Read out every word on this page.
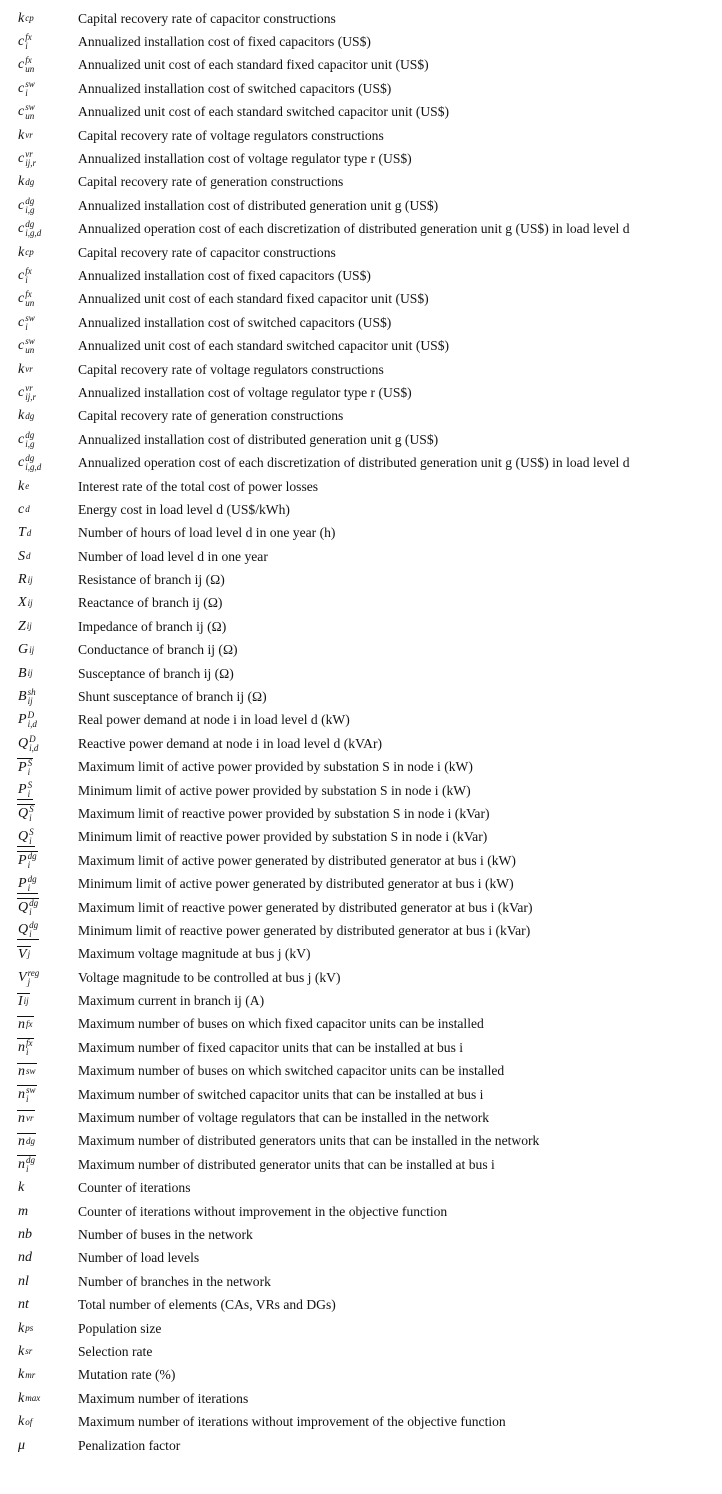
k cp	Capital recovery rate of capacitor constructions
c fx
i	Annualized installation cost of fixed capacitors (US$)
c fx
un	Annualized unit cost of each standard fixed capacitor unit (US$)
c sw
i	Annualized installation cost of switched capacitors (US$)
c sw
un	Annualized unit cost of each standard switched capacitor unit (US$)
k vr	Capital recovery rate of voltage regulators constructions
c vr
ij,r	Annualized installation cost of voltage regulator type r (US$)
k dg	Capital recovery rate of generation constructions
c dg
i,g	Annualized installation cost of distributed generation unit g (US$)
c dg
i,g,d	Annualized operation cost of each discretization of distributed generation unit g (US$) in load level d
k cp	Capital recovery rate of capacitor constructions
c fx
i	Annualized installation cost of fixed capacitors (US$)
c fx
un	Annualized unit cost of each standard fixed capacitor unit (US$)
c sw
i	Annualized installation cost of switched capacitors (US$)
c sw
un	Annualized unit cost of each standard switched capacitor unit (US$)
k vr	Capital recovery rate of voltage regulators constructions
c vr
ij,r	Annualized installation cost of voltage regulator type r (US$)
k dg	Capital recovery rate of generation constructions
c dg
i,g	Annualized installation cost of distributed generation unit g (US$)
c dg
i,g,d	Annualized operation cost of each discretization of distributed generation unit g (US$) in load level d
k e	Interest rate of the total cost of power losses
c d	Energy cost in load level d (US$/kWh)
T d	Number of hours of load level d in one year (h)
S d	Number of load level d in one year
R ij	Resistance of branch ij (Ω)
X ij	Reactance of branch ij (Ω)
Z ij	Impedance of branch ij (Ω)
G ij	Conductance of branch ij (Ω)
B ij	Susceptance of branch ij (Ω)
B sh
ij	Shunt susceptance of branch ij (Ω)
P D
i,d	Real power demand at node i in load level d (kW)
Q D
i,d	Reactive power demand at node i in load level d (kVAr)
P S
i	Maximum limit of active power provided by substation S in node i (kW)
P S
i	Minimum limit of active power provided by substation S in node i (kW)
Q S
i	Maximum limit of reactive power provided by substation S in node i (kVar)
Q S
i	Minimum limit of reactive power provided by substation S in node i (kVar)
P dg
i	Maximum limit of active power generated by distributed generator at bus i (kW)
P dg
i	Minimum limit of active power generated by distributed generator at bus i (kW)
Q dg
i	Maximum limit of reactive power generated by distributed generator at bus i (kVar)
Q dg
i	Minimum limit of reactive power generated by distributed generator at bus i (kVar)
V j	Maximum voltage magnitude at bus j (kV)
V reg
j	Voltage magnitude to be controlled at bus j (kV)
I ij	Maximum current in branch ij (A)
n fx	Maximum number of buses on which fixed capacitor units can be installed
n fx
i	Maximum number of fixed capacitor units that can be installed at bus i
n sw	Maximum number of buses on which switched capacitor units can be installed
n sw
i	Maximum number of switched capacitor units that can be installed at bus i
n vr	Maximum number of voltage regulators that can be installed in the network
n dg	Maximum number of distributed generators units that can be installed in the network
n dg
i	Maximum number of distributed generator units that can be installed at bus i
k	Counter of iterations
m	Counter of iterations without improvement in the objective function
nb	Number of buses in the network
nd	Number of load levels
nl	Number of branches in the network
nt	Total number of elements (CAs, VRs and DGs)
k ps	Population size
k sr	Selection rate
k mr	Mutation rate (%)
k max	Maximum number of iterations
k of	Maximum number of iterations without improvement of the objective function
μ	Penalization factor
